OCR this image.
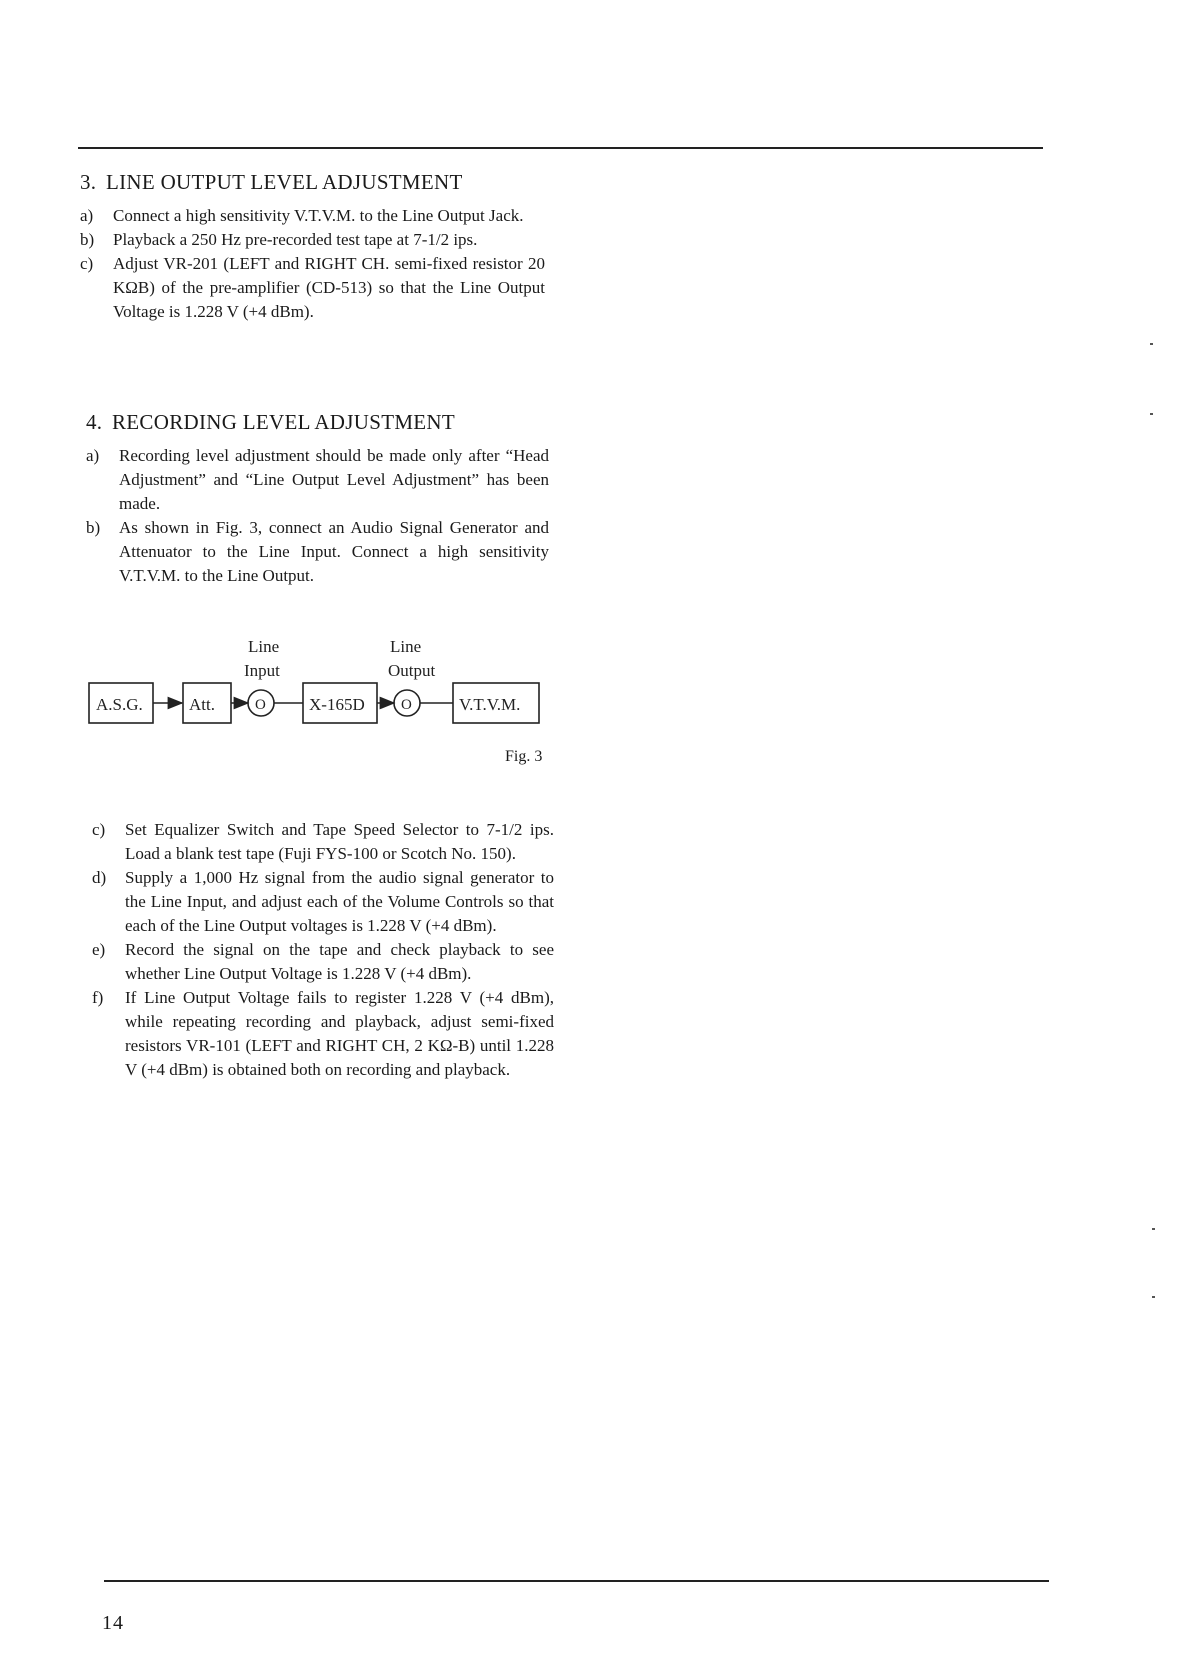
3. LINE OUTPUT LEVEL ADJUSTMENT
a)	Connect a high sensitivity V.T.V.M. to the Line Output Jack.
b)	Playback a 250 Hz pre-recorded test tape at 7-1/2 ips.
c)	Adjust VR-201 (LEFT and RIGHT CH. semi-fixed resistor 20 KΩB) of the pre-amplifier (CD-513) so that the Line Output Voltage is 1.228 V (+4 dBm).
4. RECORDING LEVEL ADJUSTMENT
a)	Recording level adjustment should be made only after “Head Adjustment” and “Line Output Level Adjustment” has been made.
b)	As shown in Fig. 3, connect an Audio Signal Generator and Attenuator to the Line Input. Connect a high sensitivity V.T.V.M. to the Line Output.
Line
Input
Line
Output
A.S.G.	Att.	O	X-165D O	V.T.V.M.
Fig. 3
c)	Set Equalizer Switch and Tape Speed Selector to 7-1/2 ips. Load a blank test tape (Fuji FYS-100 or Scotch No. 150).
d)	Supply a 1,000 Hz signal from the audio signal generator to the Line Input, and adjust each of the Volume Controls so that each of the Line Output voltages is 1.228 V (+4 dBm).
e)	Record the signal on the tape and check playback to see whether Line Output Voltage is 1.228 V (+4 dBm).
f)	If Line Output Voltage fails to register 1.228 V (+4 dBm), while repeating recording and playback, adjust semi-fixed resistors VR-101 (LEFT and RIGHT CH, 2 KΩ-B) until 1.228 V (+4 dBm) is obtained both on recording and playback.
14
